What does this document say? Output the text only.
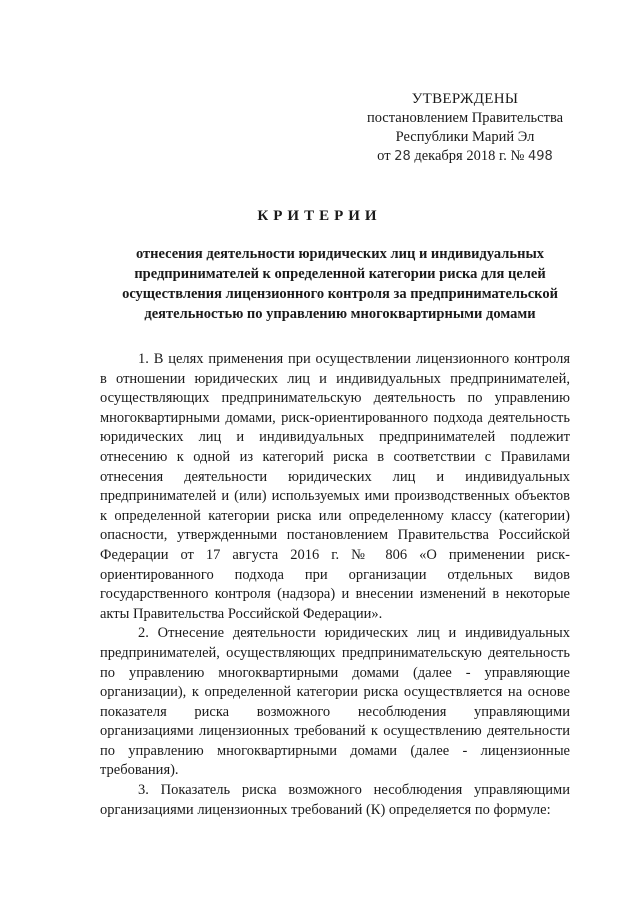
УТВЕРЖДЕНЫ
постановлением Правительства
Республики Марий Эл
от 28 декабря 2018 г. № 498
КРИТЕРИИ
отнесения деятельности юридических лиц и индивидуальных предпринимателей к определенной категории риска для целей осуществления лицензионного контроля за предпринимательской деятельностью по управлению многоквартирными домами

1. В целях применения при осуществлении лицензионного контроля в отношении юридических лиц и индивидуальных предпринимателей, осуществляющих предпринимательскую деятельность по управлению многоквартирными домами, риск-ориентированного подхода деятельность юридических лиц и индивидуальных предпринимателей подлежит отнесению к одной из категорий риска в соответствии с Правилами отнесения деятельности юридических лиц и индивидуальных предпринимателей и (или) используемых ими производственных объектов к определенной категории риска или определенному классу (категории) опасности, утвержденными постановлением Правительства Российской Федерации от 17 августа 2016 г. № 806 «О применении риск-ориентированного подхода при организации отдельных видов государственного контроля (надзора) и внесении изменений в некоторые акты Правительства Российской Федерации».

2. Отнесение деятельности юридических лиц и индивидуальных предпринимателей, осуществляющих предпринимательскую деятельность по управлению многоквартирными домами (далее - управляющие организации), к определенной категории риска осуществляется на основе показателя риска возможного несоблюдения управляющими организациями лицензионных требований к осуществлению деятельности по управлению многоквартирными домами (далее - лицензионные требования).

3. Показатель риска возможного несоблюдения управляющими организациями лицензионных требований (К) определяется по формуле:
